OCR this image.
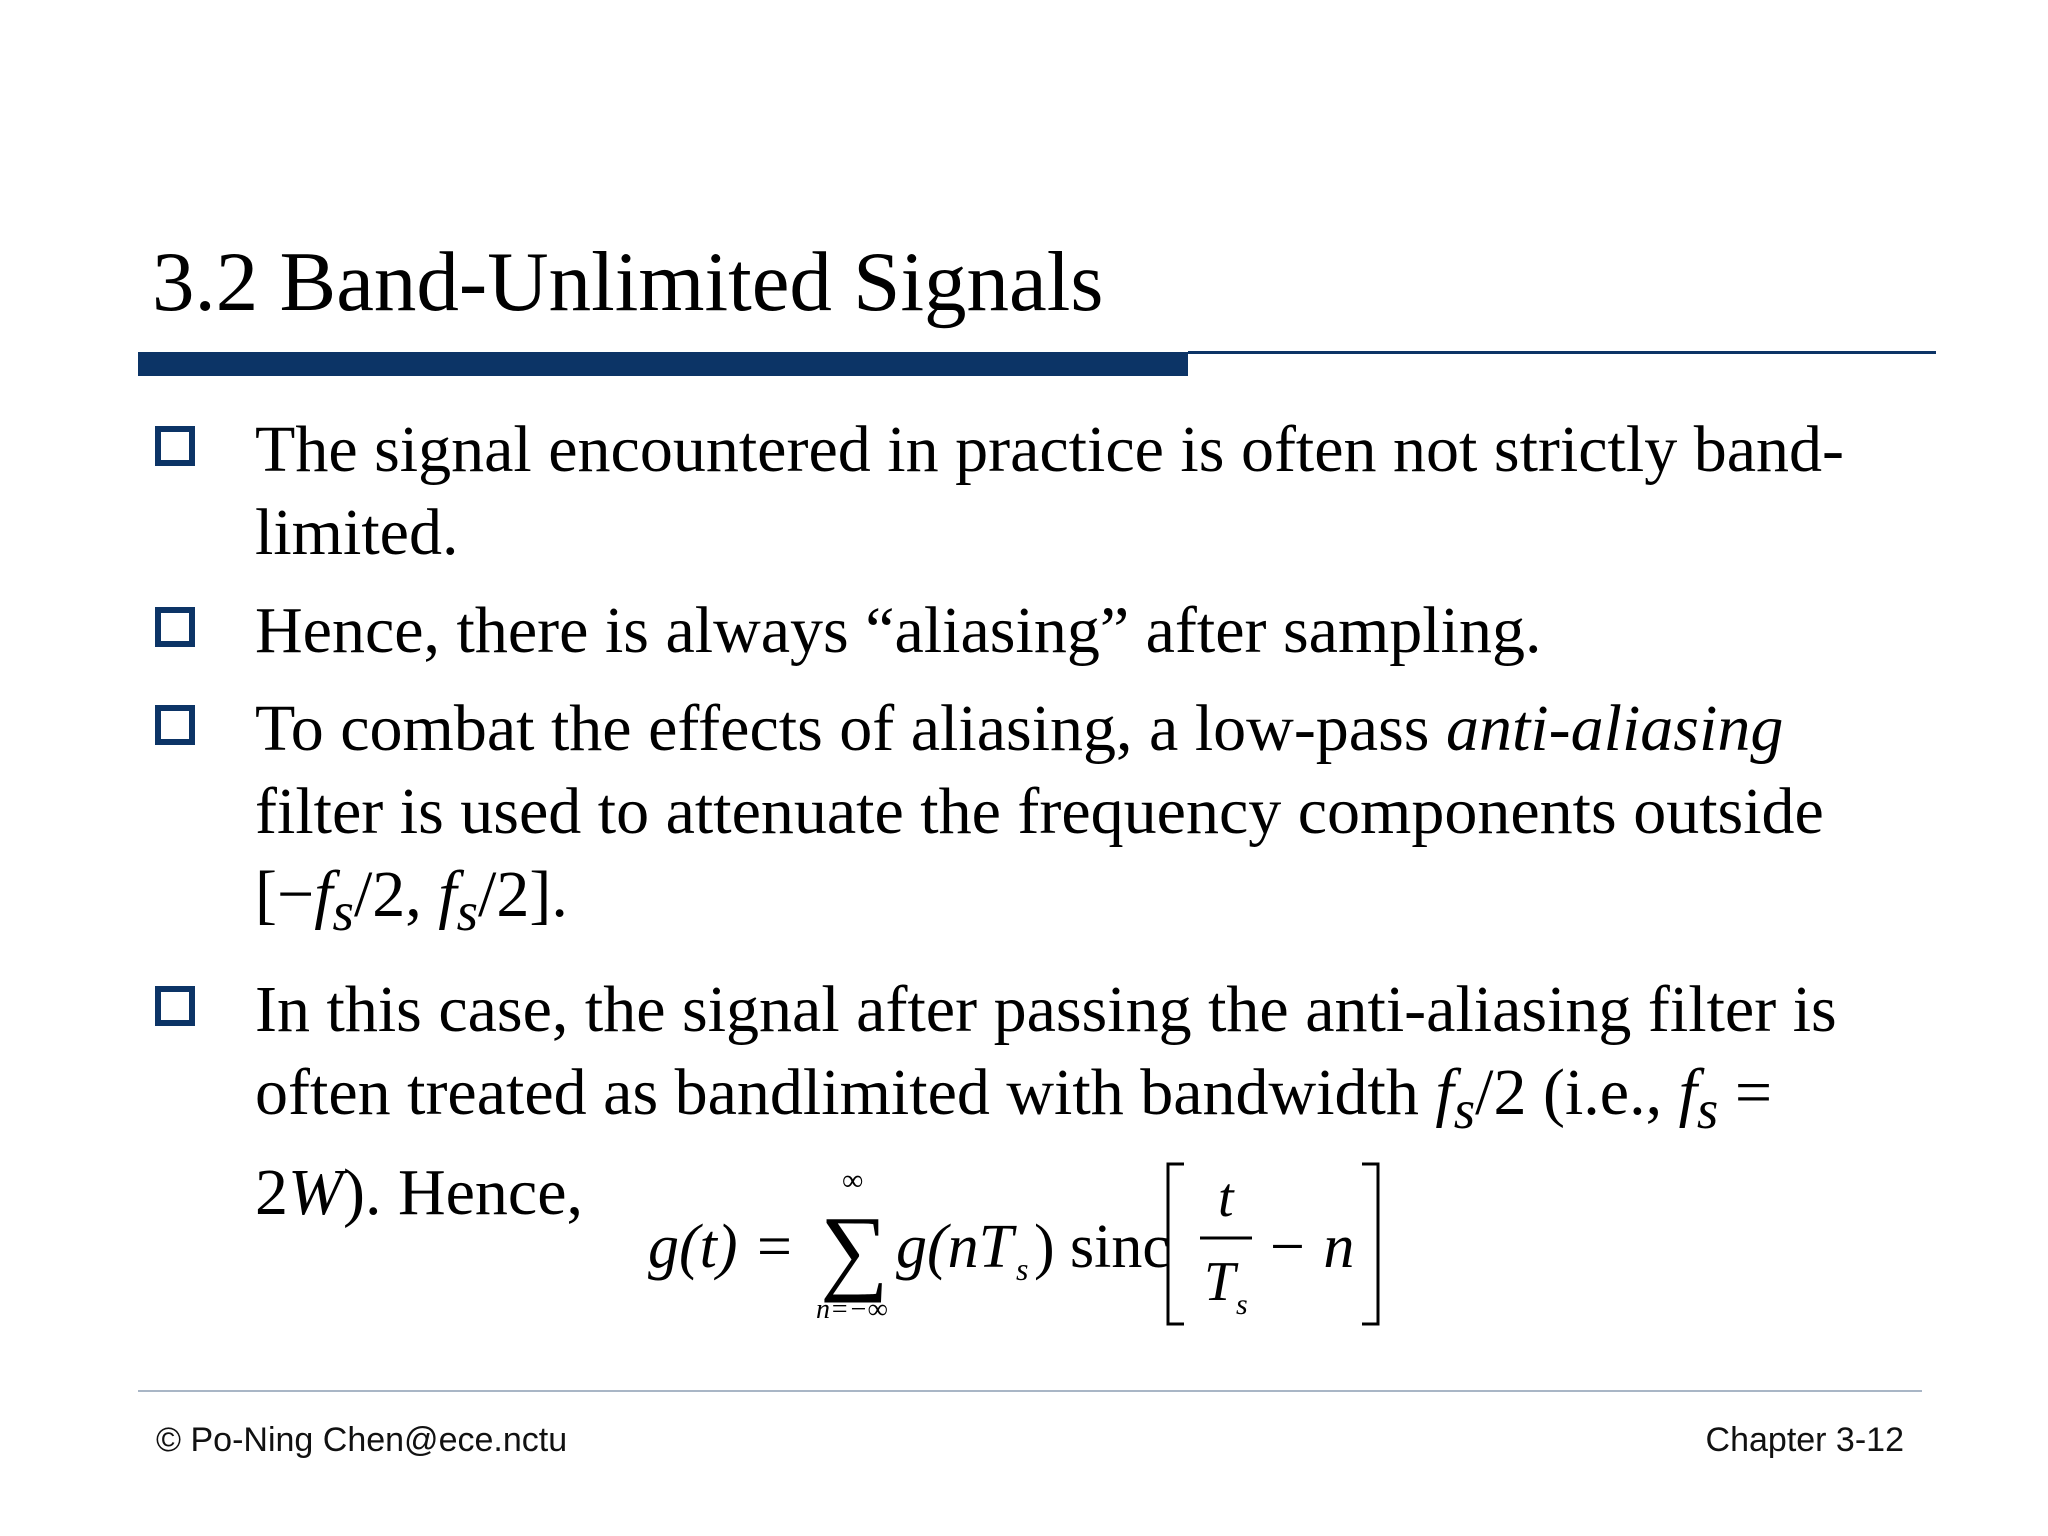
3.2 Band-Unlimited Signals
The signal encountered in practice is often not strictly band-limited.
Hence, there is always “aliasing” after sampling.
To combat the effects of aliasing, a low-pass anti-aliasing filter is used to attenuate the frequency components outside
[$-f_s/2$, $f_s/2$].
In this case, the signal after passing the anti-aliasing filter is often treated as bandlimited with bandwidth $f_s/2$ (i.e., $f_s = 2W$). Hence,
g(t) =
∞
∑
n=−∞
g(nT s ) sinc
t
T s
− n
© Po-Ning Chen@ece.nctu	Chapter 3-12
